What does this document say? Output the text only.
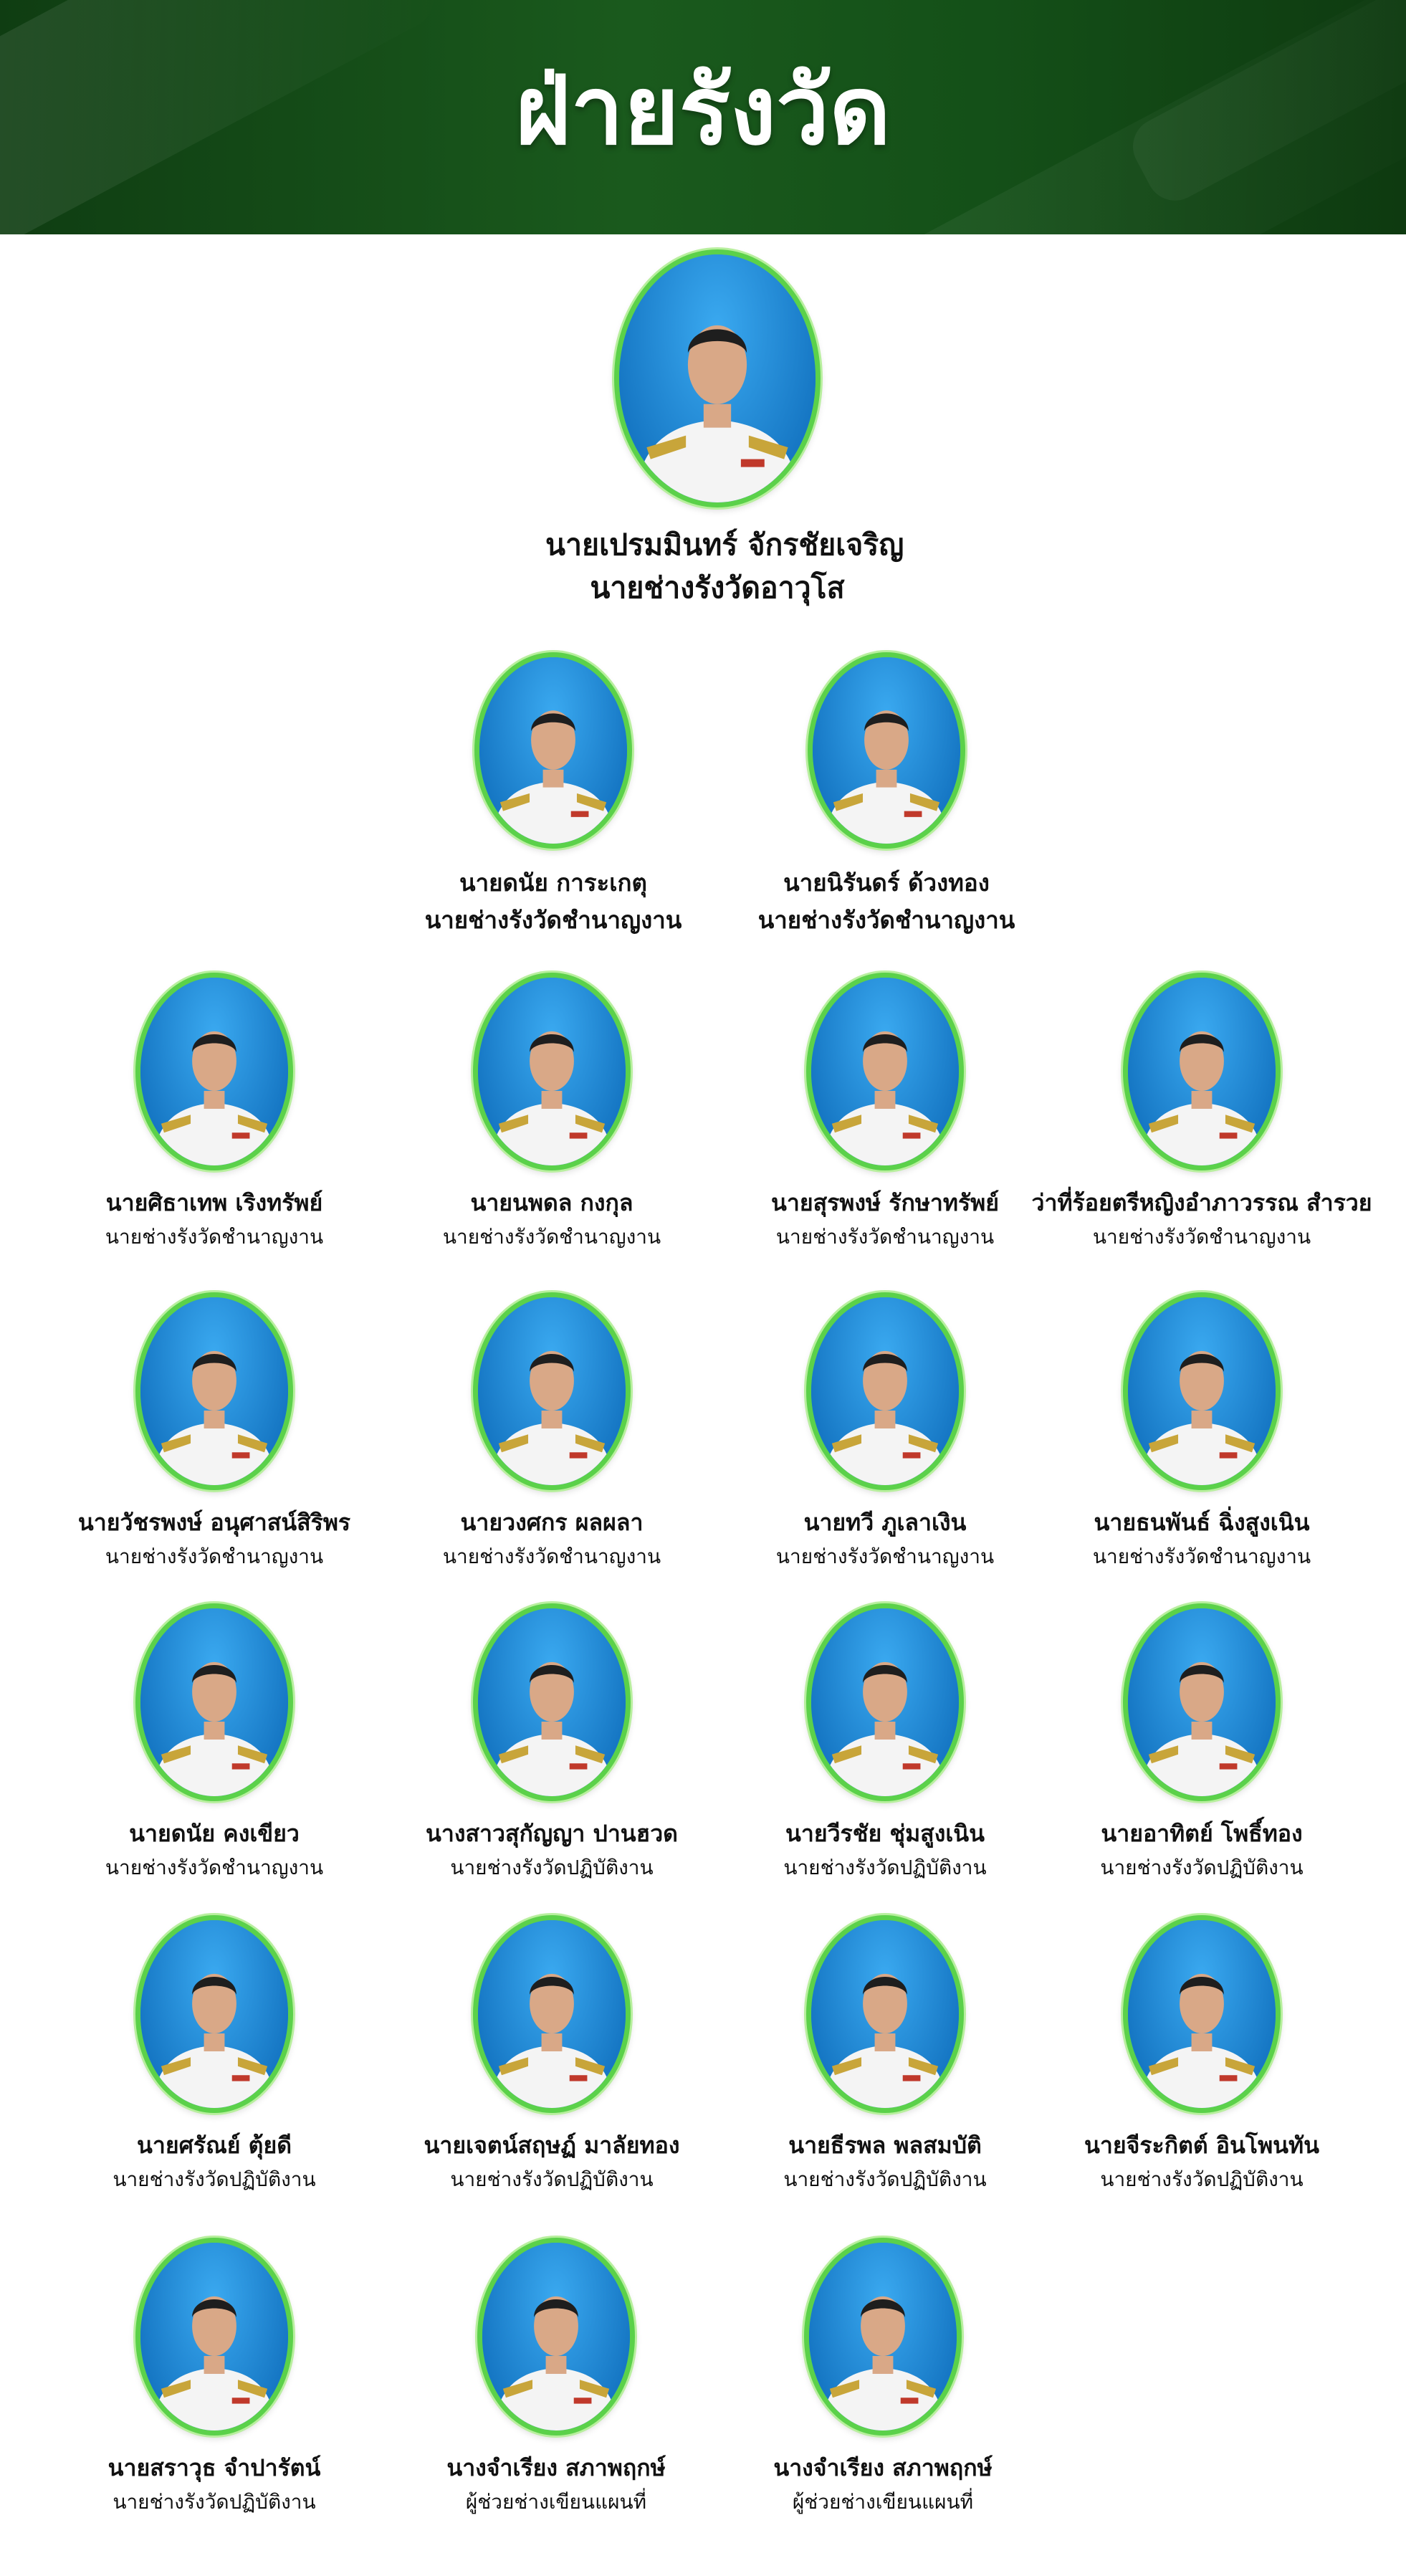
ฝ่ายรังวัด
นายเปรมมินทร์ จักรชัยเจริญ
นายช่างรังวัดอาวุโส
นายดนัย การะเกตุ
นายช่างรังวัดชำนาญงาน
นายนิรันดร์ ด้วงทอง
นายช่างรังวัดชำนาญงาน
นายศิธาเทพ เริงทรัพย์
นายช่างรังวัดชำนาญงาน
นายนพดล กงกุล
นายช่างรังวัดชำนาญงาน
นายสุรพงษ์ รักษาทรัพย์
นายช่างรังวัดชำนาญงาน
ว่าที่ร้อยตรีหญิงอำภาวรรณ สำรวย
นายช่างรังวัดชำนาญงาน
นายวัชรพงษ์ อนุศาสน์สิริพร
นายช่างรังวัดชำนาญงาน
นายวงศกร ผลผลา
นายช่างรังวัดชำนาญงาน
นายทวี ภูเลาเงิน
นายช่างรังวัดชำนาญงาน
นายธนพันธ์ ฉิ่งสูงเนิน
นายช่างรังวัดชำนาญงาน
นายดนัย คงเขียว
นายช่างรังวัดชำนาญงาน
นางสาวสุกัญญา ปานฮวด
นายช่างรังวัดปฏิบัติงาน
นายวีรชัย ชุ่มสูงเนิน
นายช่างรังวัดปฏิบัติงาน
นายอาทิตย์ โพธิ์ทอง
นายช่างรังวัดปฏิบัติงาน
นายศรัณย์ ตุ้ยดี
นายช่างรังวัดปฏิบัติงาน
นายเจตน์สฤษฏ์ มาลัยทอง
นายช่างรังวัดปฏิบัติงาน
นายธีรพล พลสมบัติ
นายช่างรังวัดปฏิบัติงาน
นายจีระกิตต์ อินโพนทัน
นายช่างรังวัดปฏิบัติงาน
นายสราวุธ จำปารัตน์
นายช่างรังวัดปฏิบัติงาน
นางจำเรียง สภาพฤกษ์
ผู้ช่วยช่างเขียนแผนที่
นางจำเรียง สภาพฤกษ์
ผู้ช่วยช่างเขียนแผนที่
